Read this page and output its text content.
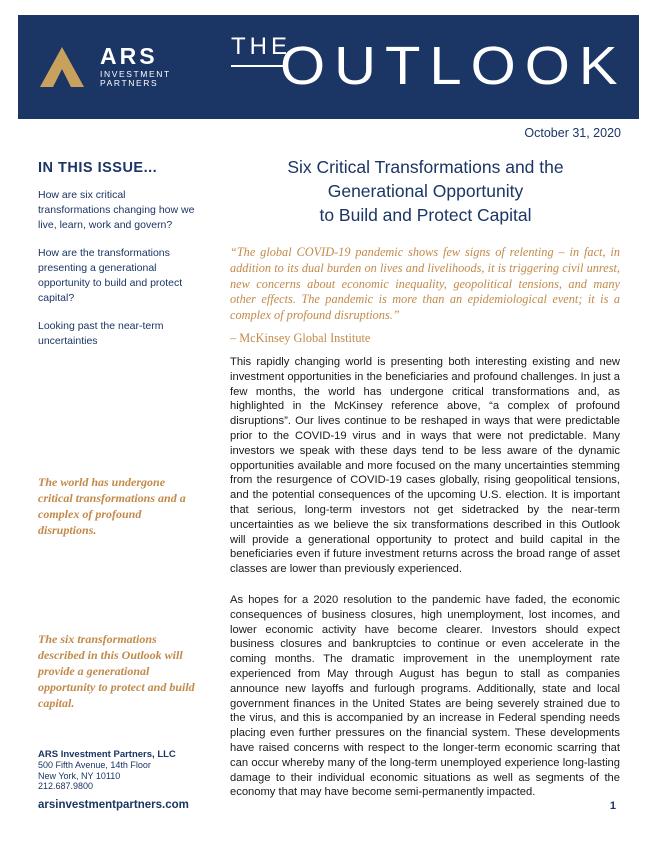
ARS
INVESTMENT
PARTNERS
THE
OUTLOOK
October 31, 2020
IN THIS ISSUE...
How are six critical transformations changing how we live, learn, work and govern?
How are the transformations presenting a generational opportunity to build and protect capital?
Looking past the near-term uncertainties
The world has undergone critical transformations and a complex of profound disruptions.
The six transformations described in this Outlook will provide a generational opportunity to protect and build capital.
ARS Investment Partners, LLC
500 Fifth Avenue, 14th Floor
New York, NY 10110
212.687.9800
arsinvestmentpartners.com
Six Critical Transformations and the
Generational Opportunity
to Build and Protect Capital
“The global COVID-19 pandemic shows few signs of relenting – in fact, in addition to its dual burden on lives and livelihoods, it is triggering civil unrest, new concerns about economic inequality, geopolitical tensions, and many other effects. The pandemic is more than an epidemiological event; it is a complex of profound disruptions.”
– McKinsey Global Institute
This rapidly changing world is presenting both interesting existing and new investment opportunities in the beneficiaries and profound challenges. In just a few months, the world has undergone critical transformations and, as highlighted in the McKinsey reference above, “a complex of profound disruptions”. Our lives continue to be reshaped in ways that were predictable prior to the COVID-19 virus and in ways that were not predictable. Many investors we speak with these days tend to be less aware of the dynamic opportunities available and more focused on the many uncertainties stemming from the resurgence of COVID-19 cases globally, rising geopolitical tensions, and the potential consequences of the upcoming U.S. election. It is important that serious, long-term investors not get sidetracked by the near-term uncertainties as we believe the six transformations described in this Outlook will provide a generational opportunity to protect and build capital in the beneficiaries even if future investment returns across the broad range of asset classes are lower than previously experienced.
As hopes for a 2020 resolution to the pandemic have faded, the economic consequences of business closures, high unemployment, lost incomes, and lower economic activity have become clearer. Investors should expect business closures and bankruptcies to continue or even accelerate in the coming months. The dramatic improvement in the unemployment rate experienced from May through August has begun to stall as companies announce new layoffs and furlough programs. Additionally, state and local government finances in the United States are being severely strained due to the virus, and this is accompanied by an increase in Federal spending needs placing even further pressures on the financial system. These developments have raised concerns with respect to the longer-term economic scarring that can occur whereby many of the long-term unemployed experience long-lasting damage to their individual economic situations as well as segments of the economy that may have become semi-permanently impacted.
1
